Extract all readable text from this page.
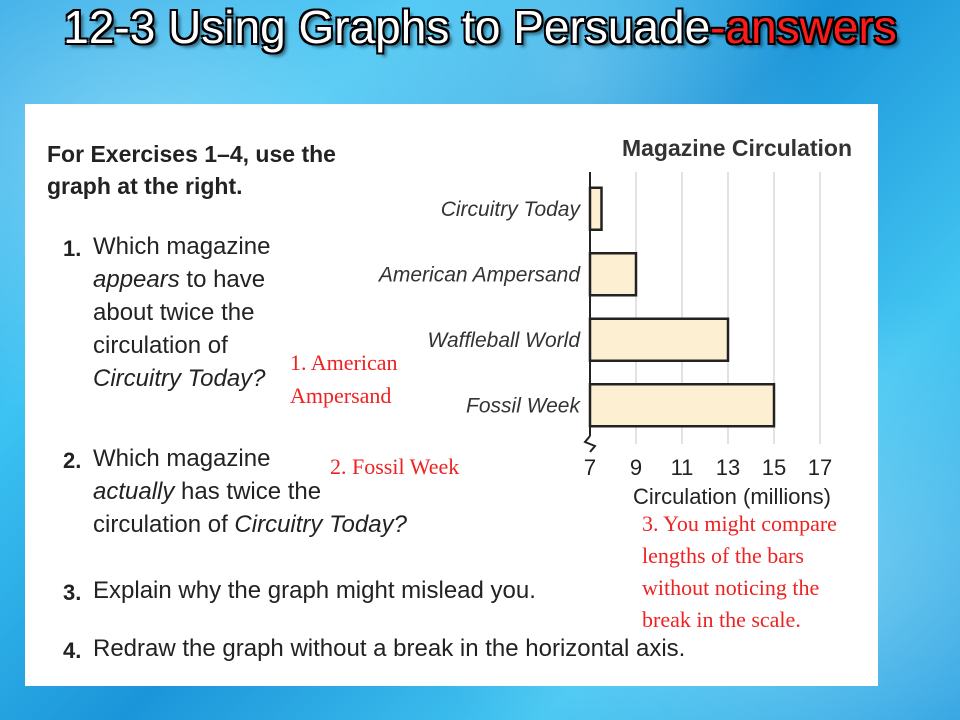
12-3 Using Graphs to Persuade-answers
For Exercises 1–4, use the
graph at the right.
1. Which magazine
appears to have
about twice the
circulation of
Circuitry Today?
2. Which magazine
actually has twice the
circulation of Circuitry Today?
3. Explain why the graph might mislead you.
4. Redraw the graph without a break in the horizontal axis.
Magazine Circulation
Circuitry Today
American Ampersand
Waffleball World
Fossil Week
7 9 11 13 15 17
Circulation (millions)
1. American
Ampersand
2. Fossil Week
3. You might compare
lengths of the bars
without noticing the
break in the scale.
